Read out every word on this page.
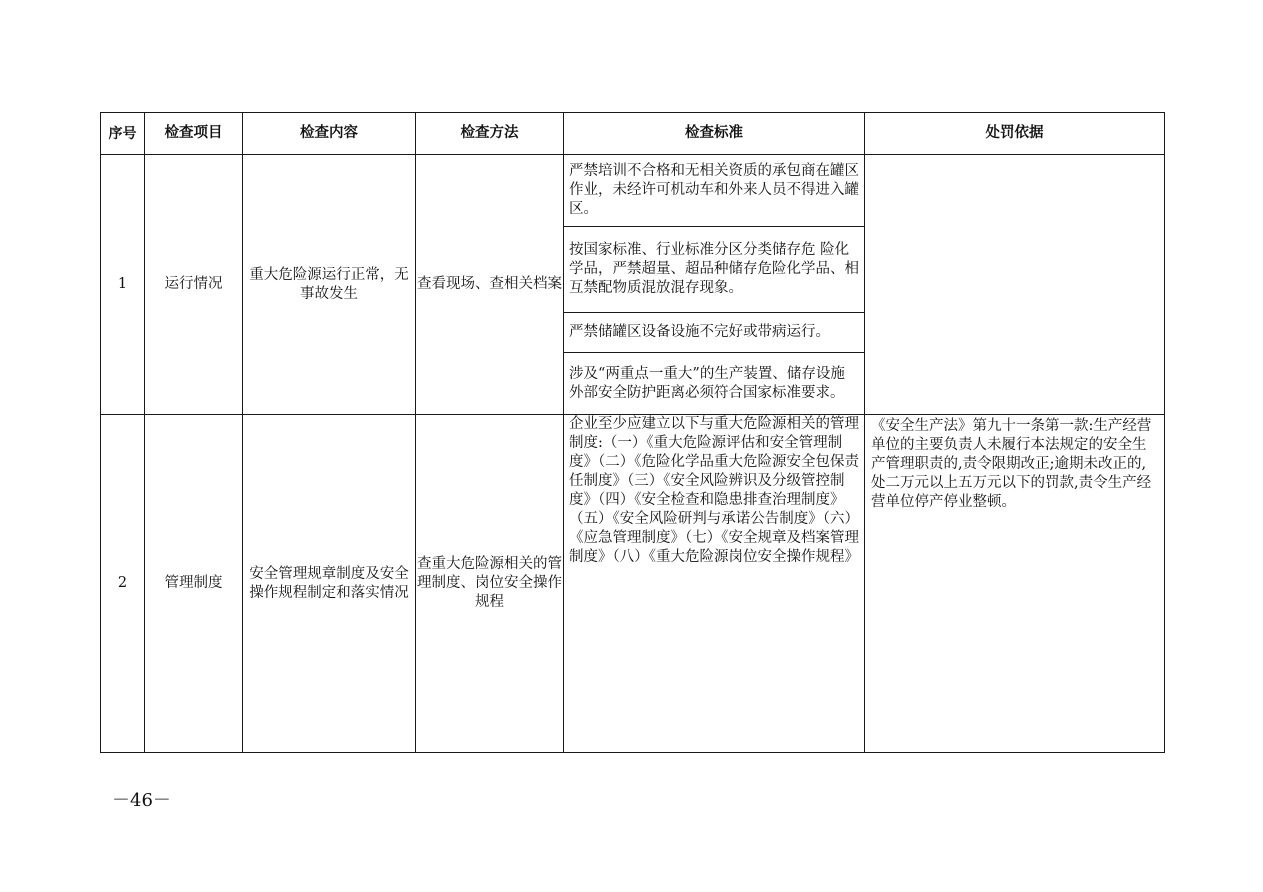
序号	检查项目	检查内容	检查方法	检查标准	处罚依据
1	运行情况	重大危险源运行正常，无事故发生	查看现场、查相关档案	严禁培训不合格和无相关资质的承包商在罐区 作业，未经许可机动车和外来人员不得进入罐区。	
				按国家标准、行业标准分区分类储存危 险化学品，严禁超量、超品种储存危险化学品、相互禁配物质混放混存现象。	
				严禁储罐区设备设施不完好或带病运行。	
				涉及“两重点一重大”的生产装置、储存设施外部安全防护距离必须符合国家标准要求。	
2	管理制度	安全管理规章制度及安全操作规程制定和落实情况	查重大危险源相关的管理制度、岗位安全操作规程	企业至少应建立以下与重大危险源相关的管理制度:（一）《重大危险源评估和安全管理制度》（二）《危险化学品重大危险源安全包保责任制度》（三）《安全风险辨识及分级管控制度》（四）《安全检查和隐患排查治理制度》（五）《安全风险研判与承诺公告制度》（六）《应急管理制度》（七）《安全规章及档案管理制度》（八）《重大危险源岗位安全操作规程》	《安全生产法》第九十一条第一款:生产经营单位的主要负责人未履行本法规定的安全生产管理职责的,责令限期改正;逾期未改正的,处二万元以上五万元以下的罚款,责令生产经营单位停产停业整顿。
－46－
